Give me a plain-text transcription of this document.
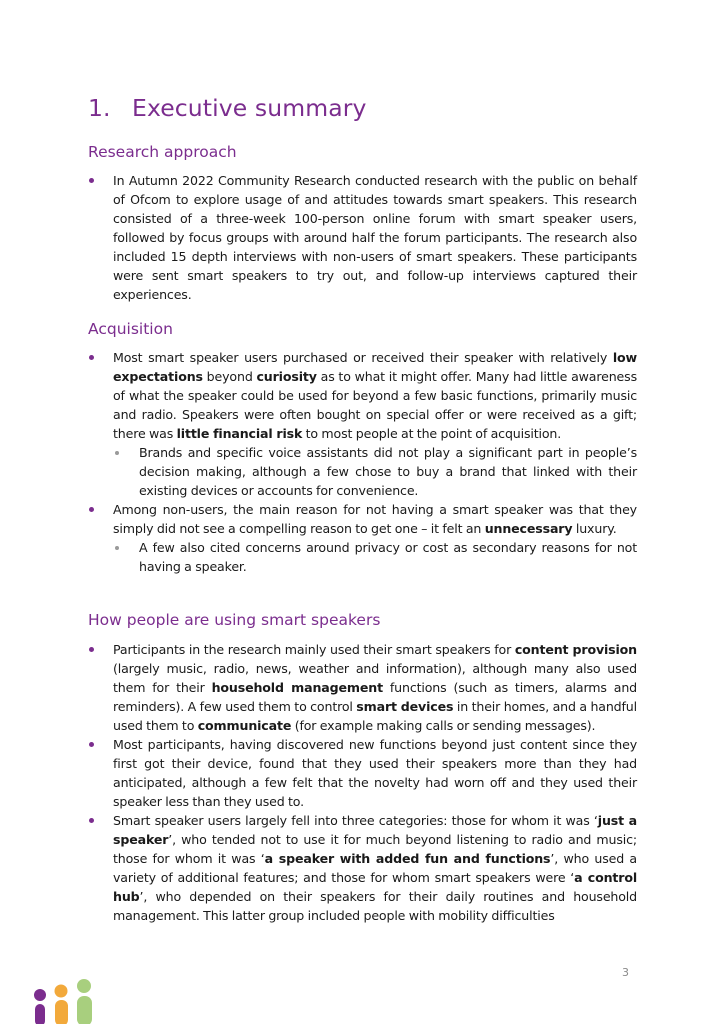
1. Executive summary
Research approach
In Autumn 2022 Community Research conducted research with the public on behalf of Ofcom to explore usage of and attitudes towards smart speakers. This research consisted of a three-week 100-person online forum with smart speaker users, followed by focus groups with around half the forum participants. The research also included 15 depth interviews with non-users of smart speakers. These participants were sent smart speakers to try out, and follow-up interviews captured their experiences.
Acquisition
Most smart speaker users purchased or received their speaker with relatively low expectations beyond curiosity as to what it might offer. Many had little awareness of what the speaker could be used for beyond a few basic functions, primarily music and radio. Speakers were often bought on special offer or were received as a gift; there was little financial risk to most people at the point of acquisition.
Brands and specific voice assistants did not play a significant part in people’s decision making, although a few chose to buy a brand that linked with their existing devices or accounts for convenience.
Among non-users, the main reason for not having a smart speaker was that they simply did not see a compelling reason to get one – it felt an unnecessary luxury.
A few also cited concerns around privacy or cost as secondary reasons for not having a speaker.
How people are using smart speakers
Participants in the research mainly used their smart speakers for content provision (largely music, radio, news, weather and information), although many also used them for their household management functions (such as timers, alarms and reminders). A few used them to control smart devices in their homes, and a handful used them to communicate (for example making calls or sending messages).
Most participants, having discovered new functions beyond just content since they first got their device, found that they used their speakers more than they had anticipated, although a few felt that the novelty had worn off and they used their speaker less than they used to.
Smart speaker users largely fell into three categories: those for whom it was ‘just a speaker’, who tended not to use it for much beyond listening to radio and music; those for whom it was ‘a speaker with added fun and functions’, who used a variety of additional features; and those for whom smart speakers were ‘a control hub’, who depended on their speakers for their daily routines and household management. This latter group included people with mobility difficulties
3
